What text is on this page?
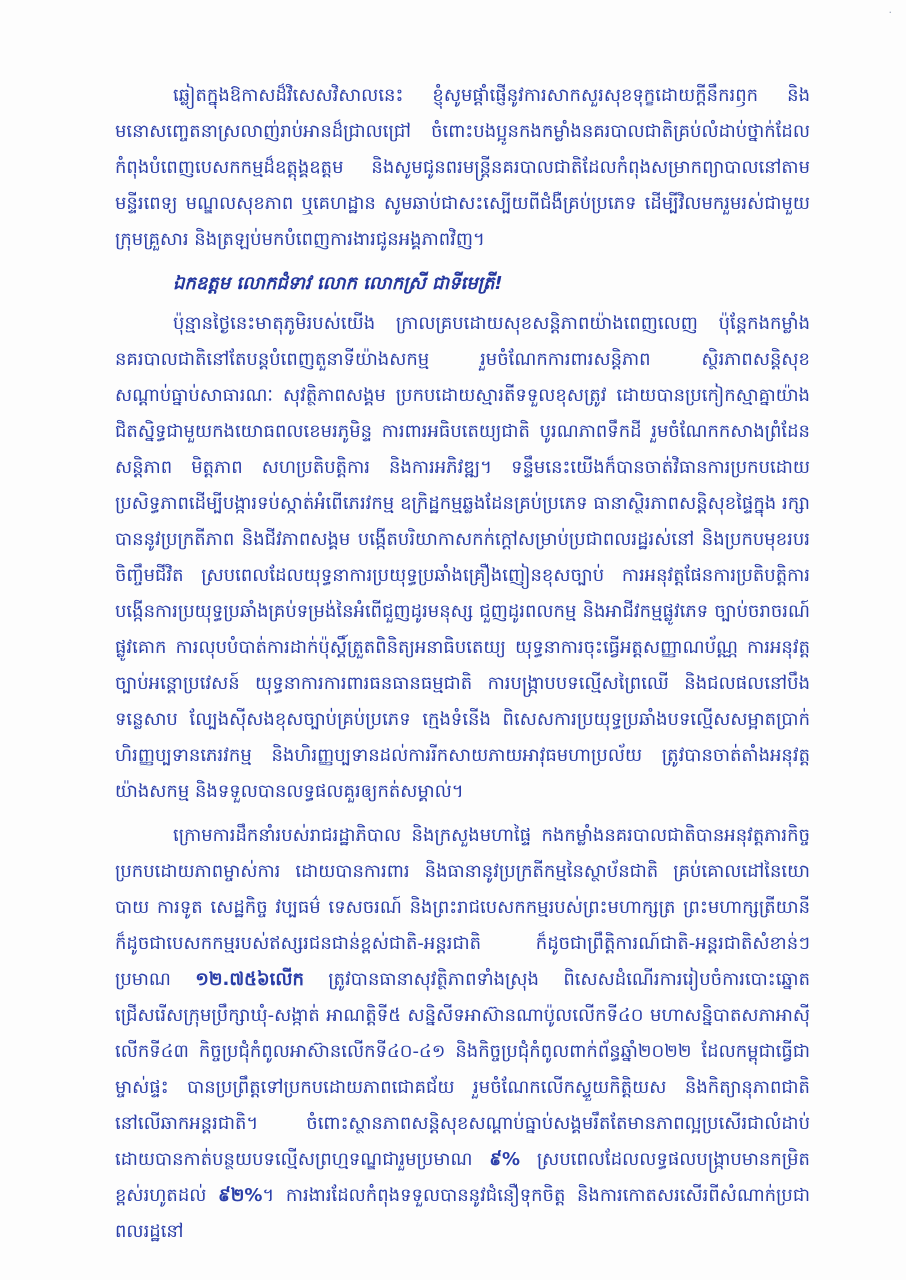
·

ឆ្លៀតក្នុងឱកាសដ៏វិសេសវិសាលនេះ ខ្ញុំសូមផ្ដាំផ្ញើនូវការសាកសួរសុខទុក្ខដោយក្ដីនឹករឭក និងមនោសញ្ចេតនាស្រលាញ់រាប់អានដ៏ជ្រាលជ្រៅ ចំពោះបងប្អូនកងកម្លាំងនគរបាលជាតិគ្រប់លំដាប់ថ្នាក់ដែលកំពុងបំពេញបេសកកម្មដ៏ឧត្តុង្គឧត្តម និងសូមជូនពរមន្ត្រីនគរបាលជាតិដែលកំពុងសម្រាកព្យាបាលនៅតាមមន្ទីរពេទ្យ មណ្ឌលសុខភាព ឬគេហដ្ឋាន សូមឆាប់ជាសះស្បើយពីជំងឺគ្រប់ប្រភេទ ដើម្បីវិលមករួមរស់ជាមួយក្រុមគ្រួសារ និងត្រឡប់មកបំពេញការងារជូនអង្គភាពវិញ។

ឯកឧត្តម លោកជំទាវ លោក លោកស្រី ជាទីមេត្រី!

ប៉ុន្មានថ្ងៃនេះមាតុភូមិរបស់យើង ក្រាលគ្របដោយសុខសន្តិភាពយ៉ាងពេញលេញ ប៉ុន្តែកងកម្លាំងនគរបាលជាតិនៅតែបន្តបំពេញតួនាទីយ៉ាងសកម្ម រួមចំណែកការពារសន្តិភាព ស្ថិរភាពសន្តិសុខ សណ្តាប់ធ្នាប់សាធារណៈ សុវត្ថិភាពសង្គម ប្រកបដោយស្មារតីទទួលខុសត្រូវ ដោយបានប្រកៀកស្មាគ្នាយ៉ាងជិតស្និទ្ធជាមួយកងយោធពលខេមរភូមិន្ទ ការពារអធិបតេយ្យជាតិ បូរណភាពទឹកដី រួមចំណែកកសាងព្រំដែនសន្តិភាព មិត្តភាព សហប្រតិបត្តិការ និងការអភិវឌ្ឍ។ ទន្ទឹមនេះយើងក៏បានចាត់វិធានការប្រកបដោយប្រសិទ្ធភាពដើម្បីបង្ការទប់ស្កាត់អំពើភេរវកម្ម ឧក្រិដ្ឋកម្មឆ្លងដែនគ្រប់ប្រភេទ ធានាស្ថិរភាពសន្តិសុខផ្ទៃក្នុង រក្សាបាននូវប្រក្រតីភាព និងជីវភាពសង្គម បង្កើតបរិយាកាសកក់ក្ដៅសម្រាប់ប្រជាពលរដ្ឋរស់នៅ និងប្រកបមុខរបរចិញ្ចឹមជីវិត ស្របពេលដែលយុទ្ធនាការប្រយុទ្ធប្រឆាំងគ្រឿងញៀនខុសច្បាប់ ការអនុវត្តផែនការប្រតិបត្តិការបង្កើនការប្រយុទ្ធប្រឆាំងគ្រប់ទម្រង់នៃអំពើជួញដូរមនុស្ស ជួញដូរពលកម្ម និងអាជីវកម្មផ្លូវភេទ ច្បាប់ចរាចរណ៍ផ្លូវគោក ការលុបបំបាត់ការដាក់ប៉ុស្តិ៍ត្រួតពិនិត្យអនាធិបតេយ្យ យុទ្ធនាការចុះធ្វើអត្តសញ្ញាណប័ណ្ណ ការអនុវត្តច្បាប់អន្តោប្រវេសន៍ យុទ្ធនាការការពារធនធានធម្មជាតិ ការបង្ក្រាបបទល្មើសព្រៃឈើ និងជលផលនៅបឹងទន្លេសាប ល្បែងស៊ីសងខុសច្បាប់គ្រប់ប្រភេទ ក្មេងទំនើង ពិសេសការប្រយុទ្ធប្រឆាំងបទល្មើសសម្អាតប្រាក់ ហិរញ្ញប្បទានភេរវកម្ម និងហិរញ្ញប្បទានដល់ការរីកសាយភាយអាវុធមហាប្រល័យ ត្រូវបានចាត់តាំងអនុវត្តយ៉ាងសកម្ម និងទទួលបានលទ្ធផលគួរឲ្យកត់សម្គាល់។

ក្រោមការដឹកនាំរបស់រាជរដ្ឋាភិបាល និងក្រសួងមហាផ្ទៃ កងកម្លាំងនគរបាលជាតិបានអនុវត្តភារកិច្ចប្រកបដោយភាពម្ចាស់ការ ដោយបានការពារ និងធានានូវប្រក្រតីកម្មនៃស្ថាប័នជាតិ គ្រប់គោលដៅនៃយោបាយ ការទូត សេដ្ឋកិច្ច វប្បធម៌ ទេសចរណ៍ និងព្រះរាជបេសកកម្មរបស់ព្រះមហាក្សត្រ ព្រះមហាក្សត្រីយានី ក៏ដូចជាបេសកកម្មរបស់ឥស្សរជនជាន់ខ្ពស់ជាតិ-អន្តរជាតិ ក៏ដូចជាព្រឹត្តិការណ៍ជាតិ-អន្តរជាតិសំខាន់ៗប្រមាណ ១២.៧៥៦លើក ត្រូវបានធានាសុវត្ថិភាពទាំងស្រុង ពិសេសដំណើរការរៀបចំការបោះឆ្នោតជ្រើសរើសក្រុមប្រឹក្សាឃុំ-សង្កាត់ អាណត្តិទី៥ សន្និសីទអាស៊ានណាប៉ូលលើកទី៤០ មហាសន្និបាតសភាអាស៊ីលើកទី៤៣ កិច្ចប្រជុំកំពូលអាស៊ានលើកទី៤០-៤១ និងកិច្ចប្រជុំកំពូលពាក់ព័ន្ធឆ្នាំ២០២២ ដែលកម្ពុជាធ្វើជាម្ចាស់ផ្ទះ បានប្រព្រឹត្តទៅប្រកបដោយភាពជោគជ័យ រួមចំណែកលើកស្ទួយកិត្តិយស និងកិត្យានុភាពជាតិនៅលើឆាកអន្តរជាតិ។ ចំពោះស្ថានភាពសន្តិសុខសណ្តាប់ធ្នាប់សង្គមរឹតតែមានភាពល្អប្រសើរជាលំដាប់ ដោយបានកាត់បន្ថយបទល្មើសព្រហ្មទណ្ឌជារួមប្រមាណ ៩% ស្របពេលដែលលទ្ធផលបង្ក្រាបមានកម្រិតខ្ពស់រហូតដល់ ៩២%។ ការងារដែលកំពុងទទួលបាននូវជំនឿទុកចិត្ត និងការកោតសរសើរពីសំណាក់ប្រជាពលរដ្ឋនៅ
